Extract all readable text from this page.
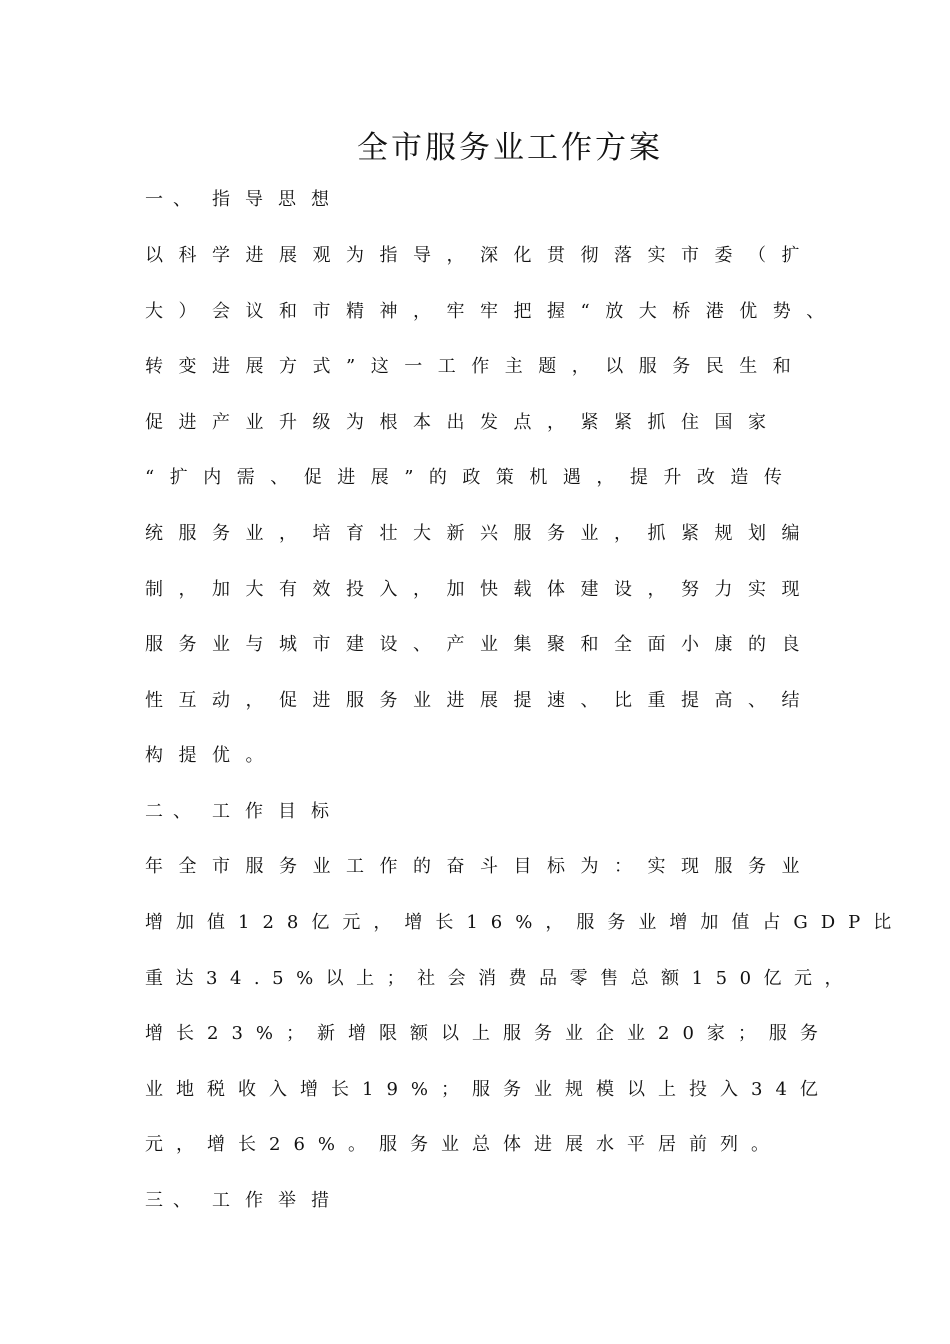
全市服务业工作方案
一、 指导思想
以科学进展观为指导，深化贯彻落实市委（扩
大）会议和市精神，牢牢把握“放大桥港优势、
转变进展方式”这一工作主题，以服务民生和
促进产业升级为根本出发点，紧紧抓住国家
“扩内需、促进展”的政策机遇，提升改造传
统服务业，培育壮大新兴服务业，抓紧规划编
制，加大有效投入，加快载体建设，努力实现
服务业与城市建设、产业集聚和全面小康的良
性互动，促进服务业进展提速、比重提高、结
构提优。
二、 工作目标
年全市服务业工作的奋斗目标为：实现服务业
增加值128亿元，增长16%，服务业增加值占GDP比
重达34.5%以上；社会消费品零售总额150亿元，
增长23%；新增限额以上服务业企业20家；服务
业地税收入增长19%；服务业规模以上投入34亿
元，增长26%。服务业总体进展水平居前列。
三、 工作举措
